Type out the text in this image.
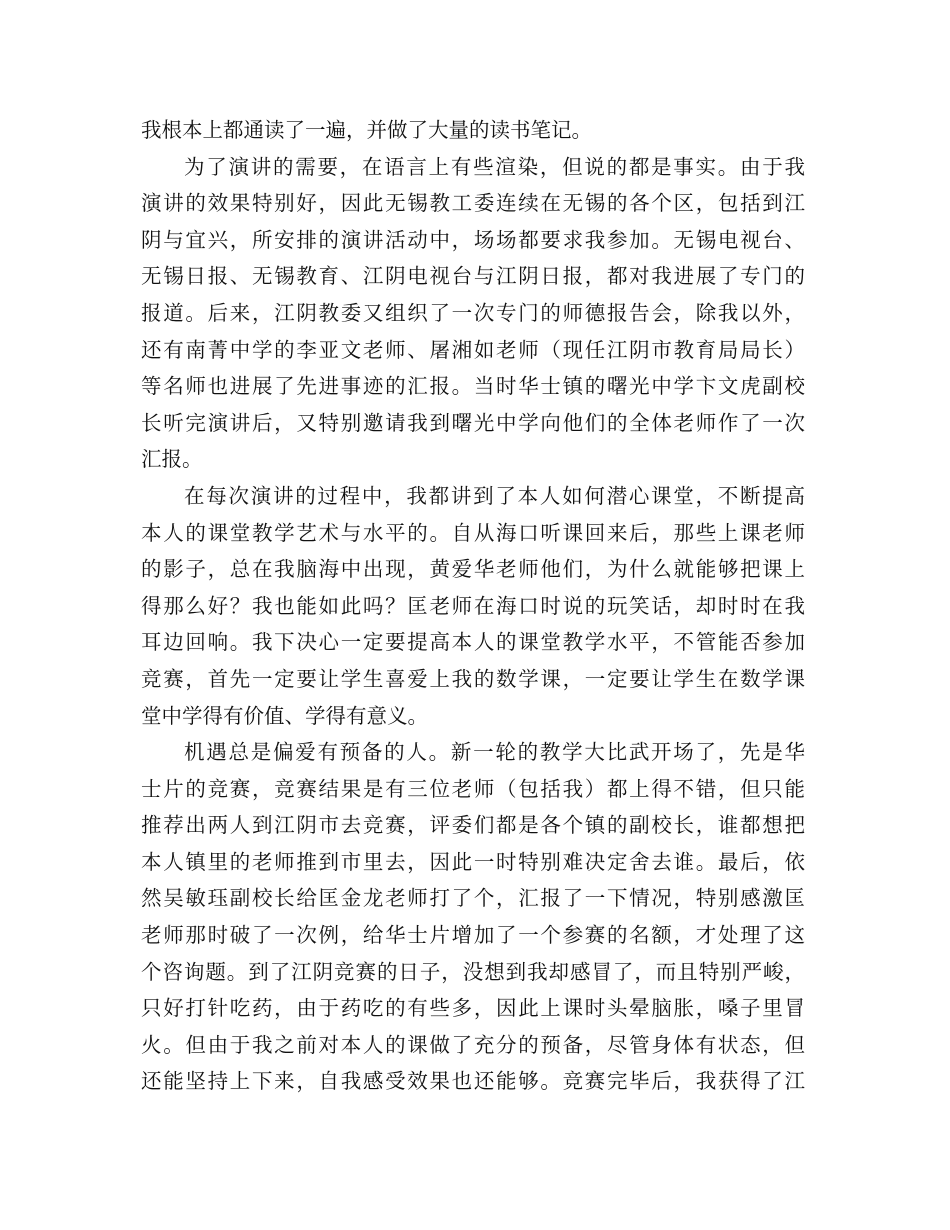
我根本上都通读了一遍，并做了大量的读书笔记。
为了演讲的需要，在语言上有些渲染，但说的都是事实。由于我
演讲的效果特别好，因此无锡教工委连续在无锡的各个区，包括到江
阴与宜兴，所安排的演讲活动中，场场都要求我参加。无锡电视台、
无锡日报、无锡教育、江阴电视台与江阴日报，都对我进展了专门的
报道。后来，江阴教委又组织了一次专门的师德报告会，除我以外，
还有南菁中学的李亚文老师、屠湘如老师（现任江阴市教育局局长）
等名师也进展了先进事迹的汇报。当时华士镇的曙光中学卞文虎副校
长听完演讲后，又特别邀请我到曙光中学向他们的全体老师作了一次
汇报。
在每次演讲的过程中，我都讲到了本人如何潜心课堂，不断提高
本人的课堂教学艺术与水平的。自从海口听课回来后，那些上课老师
的影子，总在我脑海中出现，黄爱华老师他们，为什么就能够把课上
得那么好？我也能如此吗？匡老师在海口时说的玩笑话，却时时在我
耳边回响。我下决心一定要提高本人的课堂教学水平，不管能否参加
竞赛，首先一定要让学生喜爱上我的数学课，一定要让学生在数学课
堂中学得有价值、学得有意义。
机遇总是偏爱有预备的人。新一轮的教学大比武开场了，先是华
士片的竞赛，竞赛结果是有三位老师（包括我）都上得不错，但只能
推荐出两人到江阴市去竞赛，评委们都是各个镇的副校长，谁都想把
本人镇里的老师推到市里去，因此一时特别难决定舍去谁。最后，依
然吴敏珏副校长给匡金龙老师打了个，汇报了一下情况，特别感激匡
老师那时破了一次例，给华士片增加了一个参赛的名额，才处理了这
个咨询题。到了江阴竞赛的日子，没想到我却感冒了，而且特别严峻，
只好打针吃药，由于药吃的有些多，因此上课时头晕脑胀，嗓子里冒
火。但由于我之前对本人的课做了充分的预备，尽管身体有状态，但
还能坚持上下来，自我感受效果也还能够。竞赛完毕后，我获得了江
